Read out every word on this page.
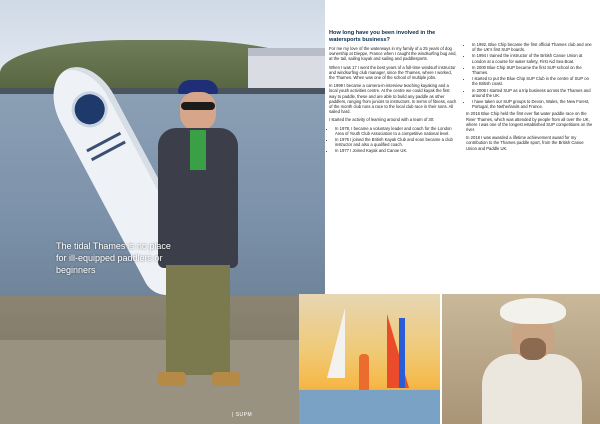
The tidal Thames is no place for ill-equipped paddlers or beginners
| SUPM
How long have you been involved in the watersports business?

For me my love of the waterways in my family of a 25 years of dog ownership at Dieppe, France when I caught the windsurfing bug and, at the tail, sailing kayak and sailing and paddlesports.

When I was 17 I went the best years of a full-time windsurf instructor and windsurfing club manager, since the Thames, where I worked, the Thames. When was one of the school of multiple jobs.

In 1999 I became a camera-in-interview teaching kayaking and a local youth activities centre. At the centre we could kayak the first way to paddle, these and are able to build any paddle as other paddlers, ranging from juniors to instructors. In terms of fitness, each of the month club runs a race to the local club race in their sons. All sailed hard.

I started the activity of learning around with a team of 30:

• In 1978, I became a voluntary leader and coach for the London Area of Youth Club Association to a competitive national level.
• In 1976 I joined the British Kayak Club and soon became a club instructor and also a qualified coach.
• In 1977 I Joined Kayak and Canoe UK.
• In 1992, Blue Chip became the first official Thames club and one of the UK's first SUP boards.
• In 1994 I trained the instructor of the British Canoe Union at London at a course for water safety, First Aid Sea Boat.
• In 2000 Blue Chip SUP became the first SUP school on the Thames.
• I started to put the Blue Chip SUP Club in the centre of SUP on the British coast.
• In 2006 I started SUP as a trip business across the Thames and around the UK.
• I have taken our SUP groups to Devon, Wales, the New Forest, Portugal, the Netherlands and France.

In 2016 Blue Chip held the first ever flat water paddle race on the River Thames, which was attended by people from all over the UK, where I was one of the longest established SUP competitions on the river.

In 2018 I was awarded a lifetime achievement award for my contribution to the Thames paddle sport, from the British Canoe Union and Paddle UK.
